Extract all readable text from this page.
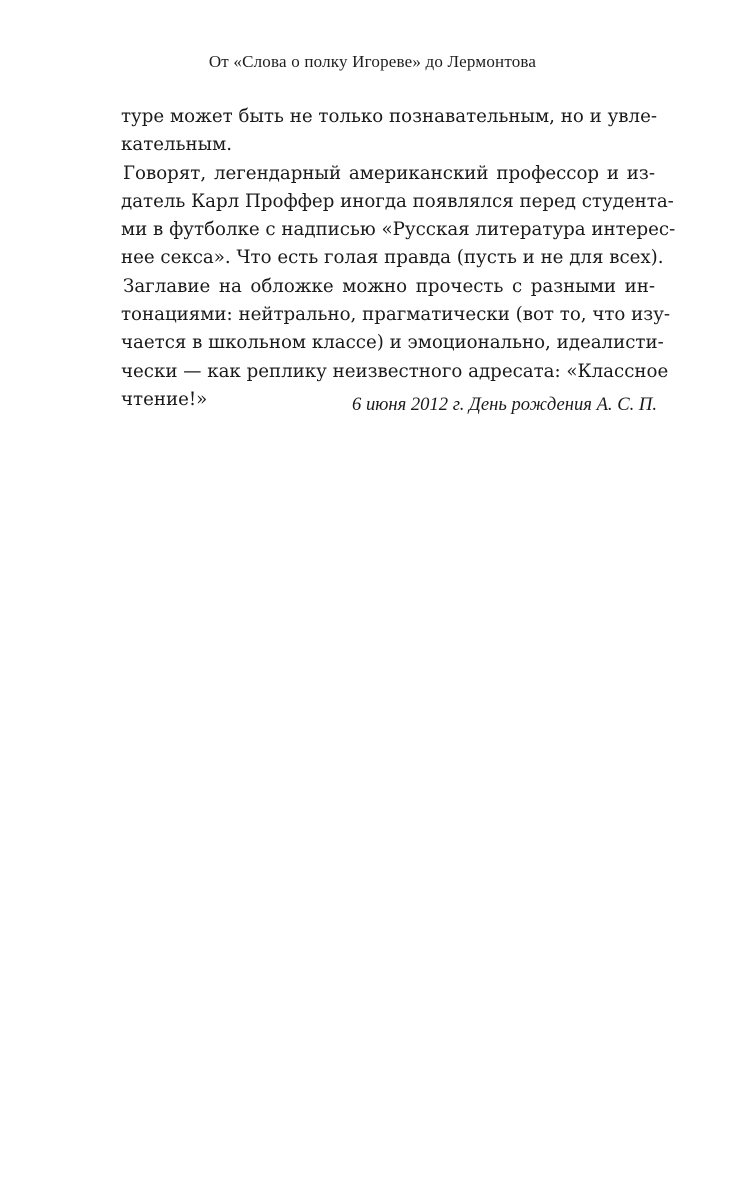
От «Слова о полку Игореве» до Лермонтова
туре может быть не только познавательным, но и увле-
кательным.
Говорят, легендарный американский профессор и из-
датель Карл Проффер иногда появлялся перед студента-
ми в футболке с надписью «Русская литература интерес-
нее секса». Что есть голая правда (пусть и не для всех).
Заглавие на обложке можно прочесть с разными ин-
тонациями: нейтрально, прагматически (вот то, что изу-
чается в школьном классе) и эмоционально, идеалисти-
чески — как реплику неизвестного адресата: «Классное
чтение!»	6 июня 2012 г. День рождения А. С. П.
